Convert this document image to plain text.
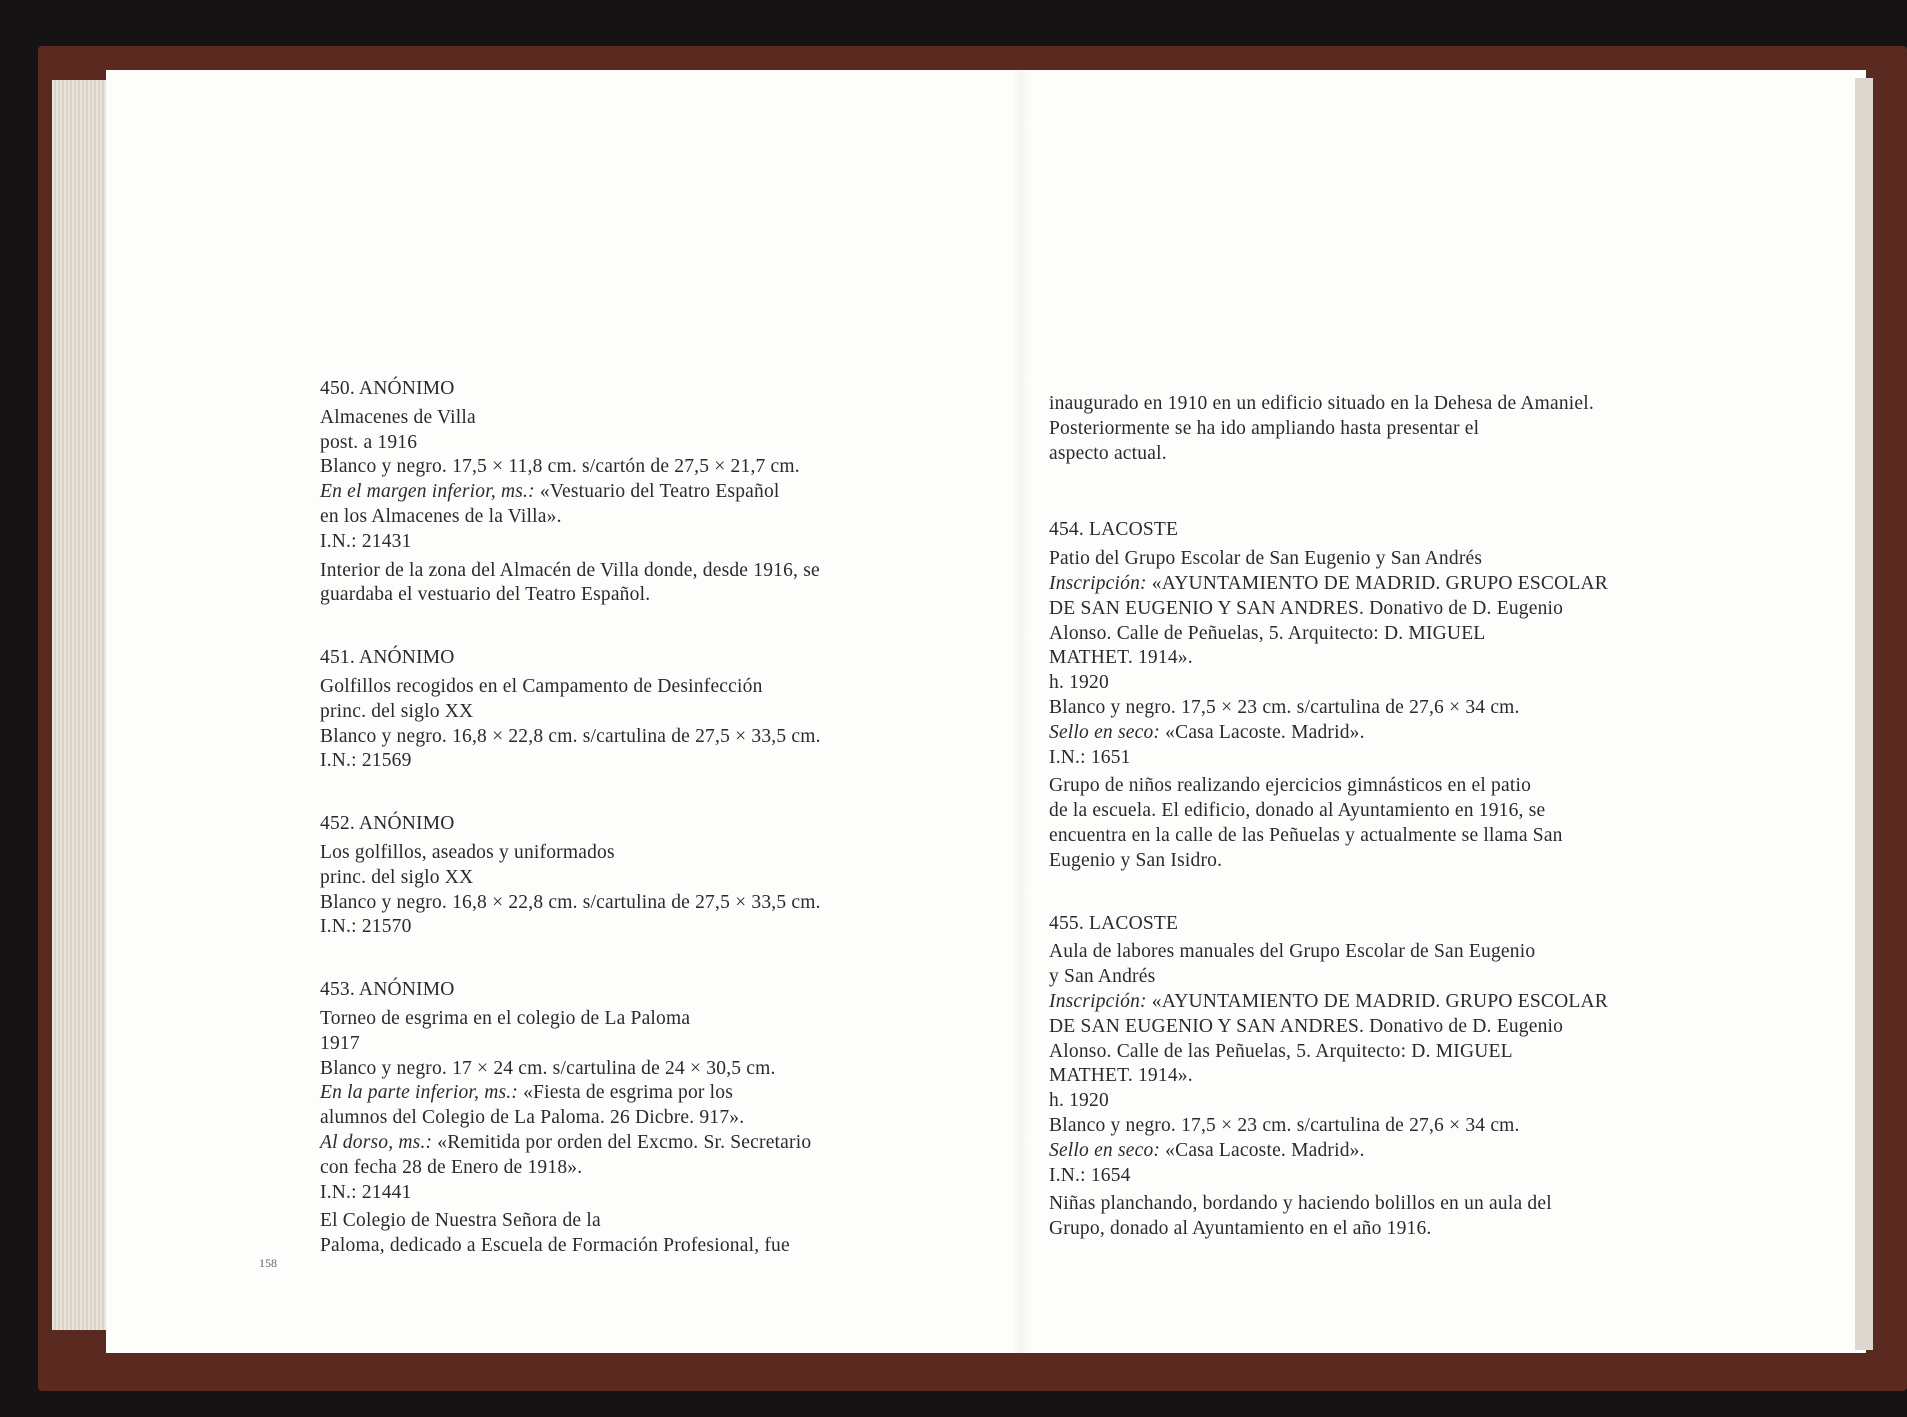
450. ANÓNIMO
Almacenes de Villa
post. a 1916
Blanco y negro. 17,5 × 11,8 cm. s/cartón de 27,5 × 21,7 cm.
En el margen inferior, ms.: «Vestuario del Teatro Español
en los Almacenes de la Villa».
I.N.: 21431
Interior de la zona del Almacén de Villa donde, desde 1916, se
guardaba el vestuario del Teatro Español.
451. ANÓNIMO
Golfillos recogidos en el Campamento de Desinfección
princ. del siglo XX
Blanco y negro. 16,8 × 22,8 cm. s/cartulina de 27,5 × 33,5 cm.
I.N.: 21569
452. ANÓNIMO
Los golfillos, aseados y uniformados
princ. del siglo XX
Blanco y negro. 16,8 × 22,8 cm. s/cartulina de 27,5 × 33,5 cm.
I.N.: 21570
453. ANÓNIMO
Torneo de esgrima en el colegio de La Paloma
1917
Blanco y negro. 17 × 24 cm. s/cartulina de 24 × 30,5 cm.
En la parte inferior, ms.: «Fiesta de esgrima por los
alumnos del Colegio de La Paloma. 26 Dicbre. 917».
Al dorso, ms.: «Remitida por orden del Excmo. Sr. Secretario
con fecha 28 de Enero de 1918».
I.N.: 21441
El Colegio de Nuestra Señora de la
Paloma, dedicado a Escuela de Formación Profesional, fue
inaugurado en 1910 en un edificio situado en la Dehesa de Amaniel.
Posteriormente se ha ido ampliando hasta presentar el
aspecto actual.
454. LACOSTE
Patio del Grupo Escolar de San Eugenio y San Andrés
Inscripción: «AYUNTAMIENTO DE MADRID. GRUPO ESCOLAR
DE SAN EUGENIO Y SAN ANDRES. Donativo de D. Eugenio
Alonso. Calle de Peñuelas, 5. Arquitecto: D. MIGUEL
MATHET. 1914».
h. 1920
Blanco y negro. 17,5 × 23 cm. s/cartulina de 27,6 × 34 cm.
Sello en seco: «Casa Lacoste. Madrid».
I.N.: 1651
Grupo de niños realizando ejercicios gimnásticos en el patio
de la escuela. El edificio, donado al Ayuntamiento en 1916, se
encuentra en la calle de las Peñuelas y actualmente se llama San
Eugenio y San Isidro.
455. LACOSTE
Aula de labores manuales del Grupo Escolar de San Eugenio
y San Andrés
Inscripción: «AYUNTAMIENTO DE MADRID. GRUPO ESCOLAR
DE SAN EUGENIO Y SAN ANDRES. Donativo de D. Eugenio
Alonso. Calle de las Peñuelas, 5. Arquitecto: D. MIGUEL
MATHET. 1914».
h. 1920
Blanco y negro. 17,5 × 23 cm. s/cartulina de 27,6 × 34 cm.
Sello en seco: «Casa Lacoste. Madrid».
I.N.: 1654
Niñas planchando, bordando y haciendo bolillos en un aula del
Grupo, donado al Ayuntamiento en el año 1916.
158
